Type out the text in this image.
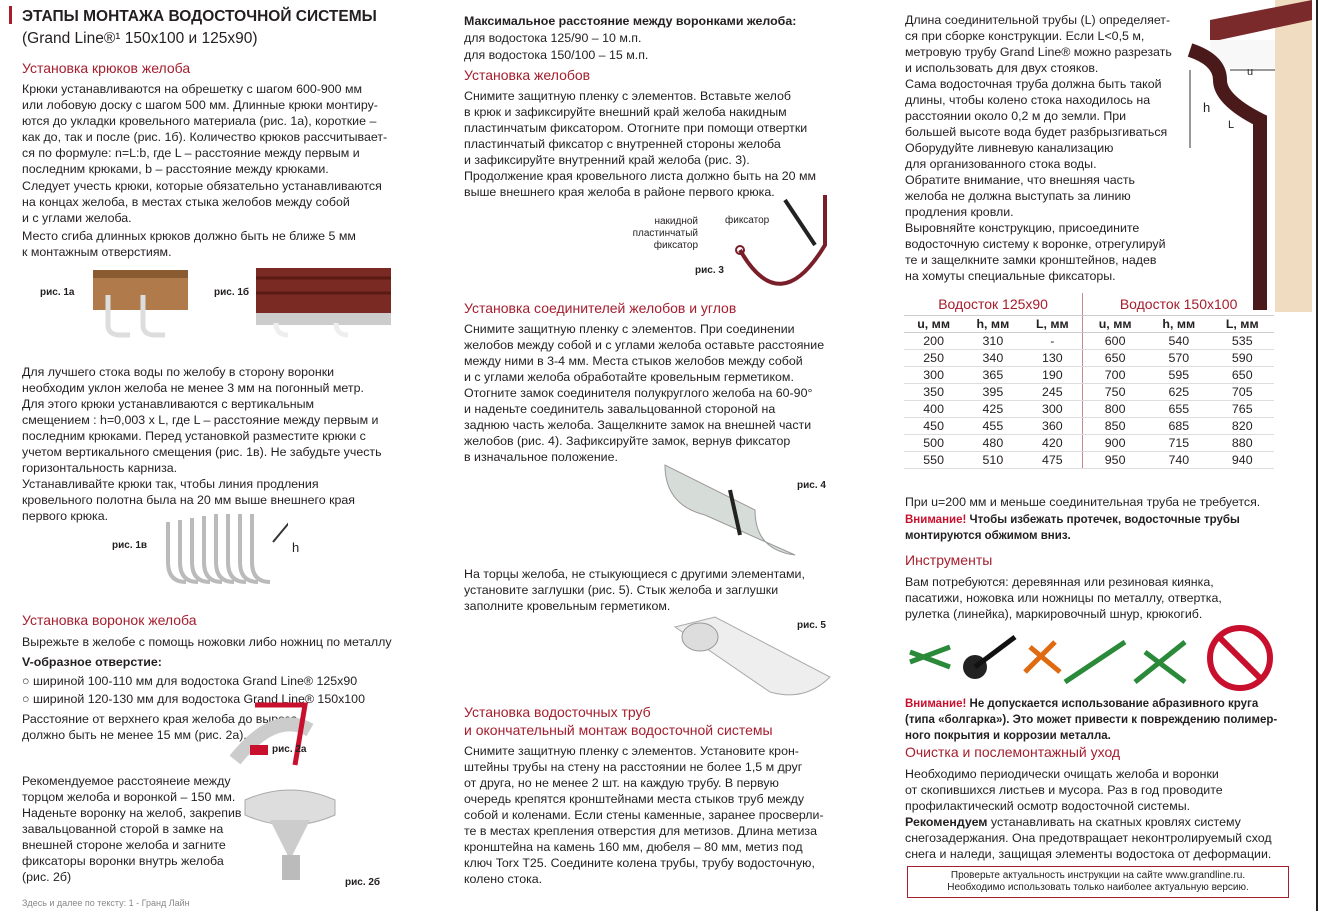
ЭТАПЫ МОНТАЖА ВОДОСТОЧНОЙ СИСТЕМЫ
(Grand Line®¹ 150x100 и 125x90)
Установка крюков желоба
Крюки устанавливаются на обрешетку с шагом 600-900 мм
или лобовую доску с шагом 500 мм. Длинные крюки монтиру-
ются до укладки кровельного материала (рис. 1а), короткие –
как до, так и после (рис. 1б). Количество крюков рассчитывает-
ся по формуле: n=L:b, где L – расстояние между первым и
последним крюками, b – расстояние между крюками.
Следует учесть крюки, которые обязательно устанавливаются
на концах желоба, в местах стыка желобов между собой
и с углами желоба.
Место сгиба длинных крюков должно быть не ближе 5 мм
к монтажным отверстиям.
рис. 1а	рис. 1б
Для лучшего стока воды по желобу в сторону воронки
необходим уклон желоба не менее 3 мм на погонный метр.
Для этого крюки устанавливаются с вертикальным
смещением : h=0,003 x L, где L – расстояние между первым и
последним крюками. Перед установкой разместите крюки с
учетом вертикального смещения (рис. 1в). Не забудьте учесть
горизонтальность карниза.
Устанавливайте крюки так, чтобы линия продления
кровельного полотна была на 20 мм выше внешнего края
первого крюка.
рис. 1в	h
Установка воронок желоба
Вырежьте в желобе с помощь ножовки либо ножниц по металлу
V-образное отверстие:
○ шириной 100-110 мм для водостока Grand Line® 125x90
○ шириной 120-130 мм для водостока Grand Line® 150x100
Расстояние от верхнего края желоба до выреза
должно быть не менее 15 мм (рис. 2а).
рис. 2а
Рекомендуемое расстоянеие между
торцом желоба и воронкой – 150 мм.
Наденьте воронку на желоб, закрепив
завальцованной сторой в замке на
внешней стороне желоба и загните
фиксаторы воронки внутрь желоба
(рис. 2б)	рис. 2б
Здесь и далее по тексту: 1 - Гранд Лайн
Максимальное расстояние между воронками желоба:
для водостока 125/90 – 10 м.п.
для водостока 150/100 – 15 м.п.
Установка желобов
Снимите защитную пленку с элементов. Вставьте желоб
в крюк и зафиксируйте внешний край желоба накидным
пластинчатым фиксатором. Отогните при помощи отвертки
пластинчатый фиксатор с внутренней стороны желоба
и зафиксируйте внутренний край желоба (рис. 3).
Продолжение края кровельного листа должно быть на 20 мм
выше внешнего края желоба в районе первого крюка.
накидной
пластинчатый
фиксатор
фиксатор
рис. 3
Установка соединителей желобов и углов
Снимите защитную пленку с элементов. При соединении
желобов между собой и с углами желоба оставьте расстояние
между ними в 3-4 мм. Места стыков желобов между собой
и с углами желоба обработайте кровельным герметиком.
Отогните замок соединителя полукруглого желоба на 60-90°
и наденьте соединитель завальцованной стороной на
заднюю часть желоба. Защелкните замок на внешней части
желобов (рис. 4). Зафиксируйте замок, вернув фиксатор
в изначальное положение.
рис. 4
На торцы желоба, не стыкующиеся с другими элементами,
установите заглушки (рис. 5). Стык желоба и заглушки
заполните кровельным герметиком.
рис. 5
Установка водосточных труб
и окончательный монтаж водосточной системы
Снимите защитную пленку с элементов. Установите крон-
штейны трубы на стену на расстоянии не более 1,5 м друг
от друга, но не менее 2 шт. на каждую трубу. В первую
очередь крепятся кронштейнами места стыков труб между
собой и коленами. Если стены каменные, заранее просверли-
те в местах крепления отверстия для метизов. Длина метиза
кронштейна на камень 160 мм, дюбеля – 80 мм, метиз под
ключ Torx T25. Соедините колена трубы, трубу водосточную,
колено стока.
Длина соединительной трубы (L) определяет-
ся при сборке конструкции. Если L<0,5 м,
метровую трубу Grand Line® можно разрезать
и использовать для двух стояков.
Сама водосточная труба должна быть такой
длины, чтобы колено стока находилось на
расстоянии около 0,2 м до земли. При
большей высоте вода будет разбрызгиваться
Оборудуйте ливневую канализацию
для организованного стока воды.
Обратите внимание, что внешняя часть
желоба не должна выступать за линию
продления кровли.
Выровняйте конструкцию, присоедините
водосточную систему к воронке, отрегулируй
те и защелкните замки кронштейнов, надев
на хомуты специальные фиксаторы.
u
h
L
Водосток 125x90			Водосток 150x100		
u, мм	h, мм	L, мм	u, мм	h, мм	L, мм
200	310	-	600	540	535
250	340	130	650	570	590
300	365	190	700	595	650
350	395	245	750	625	705
400	425	300	800	655	765
450	455	360	850	685	820
500	480	420	900	715	880
550	510	475	950	740	940
При u=200 мм и меньше соединительная труба не требуется.
Внимание! Чтобы избежать протечек, водосточные трубы монтируются обжимом вниз.
Инструменты
Вам потребуются: деревянная или резиновая киянка,
пасатижи, ножовка или ножницы по металлу, отвертка,
рулетка (линейка), маркировочный шнур, крюкогиб.
Внимание! Не допускается использование абразивного круга (типа «болгарка»). Это может привести к повреждению полимер-ного покрытия и коррозии металла.
Очистка и послемонтажный уход
Необходимо периодически очищать желоба и воронки
от скопившихся листьев и мусора. Раз в год проводите
профилактический осмотр водосточной системы.
Рекомендуем устанавливать на скатных кровлях систему снегозадержания. Она предотвращает неконтролируемый сход снега и наледи, защищая элементы водостока от деформации.
Проверьте актуальность инструкции на сайте www.grandline.ru.
Необходимо использовать только наиболее актуальную версию.
